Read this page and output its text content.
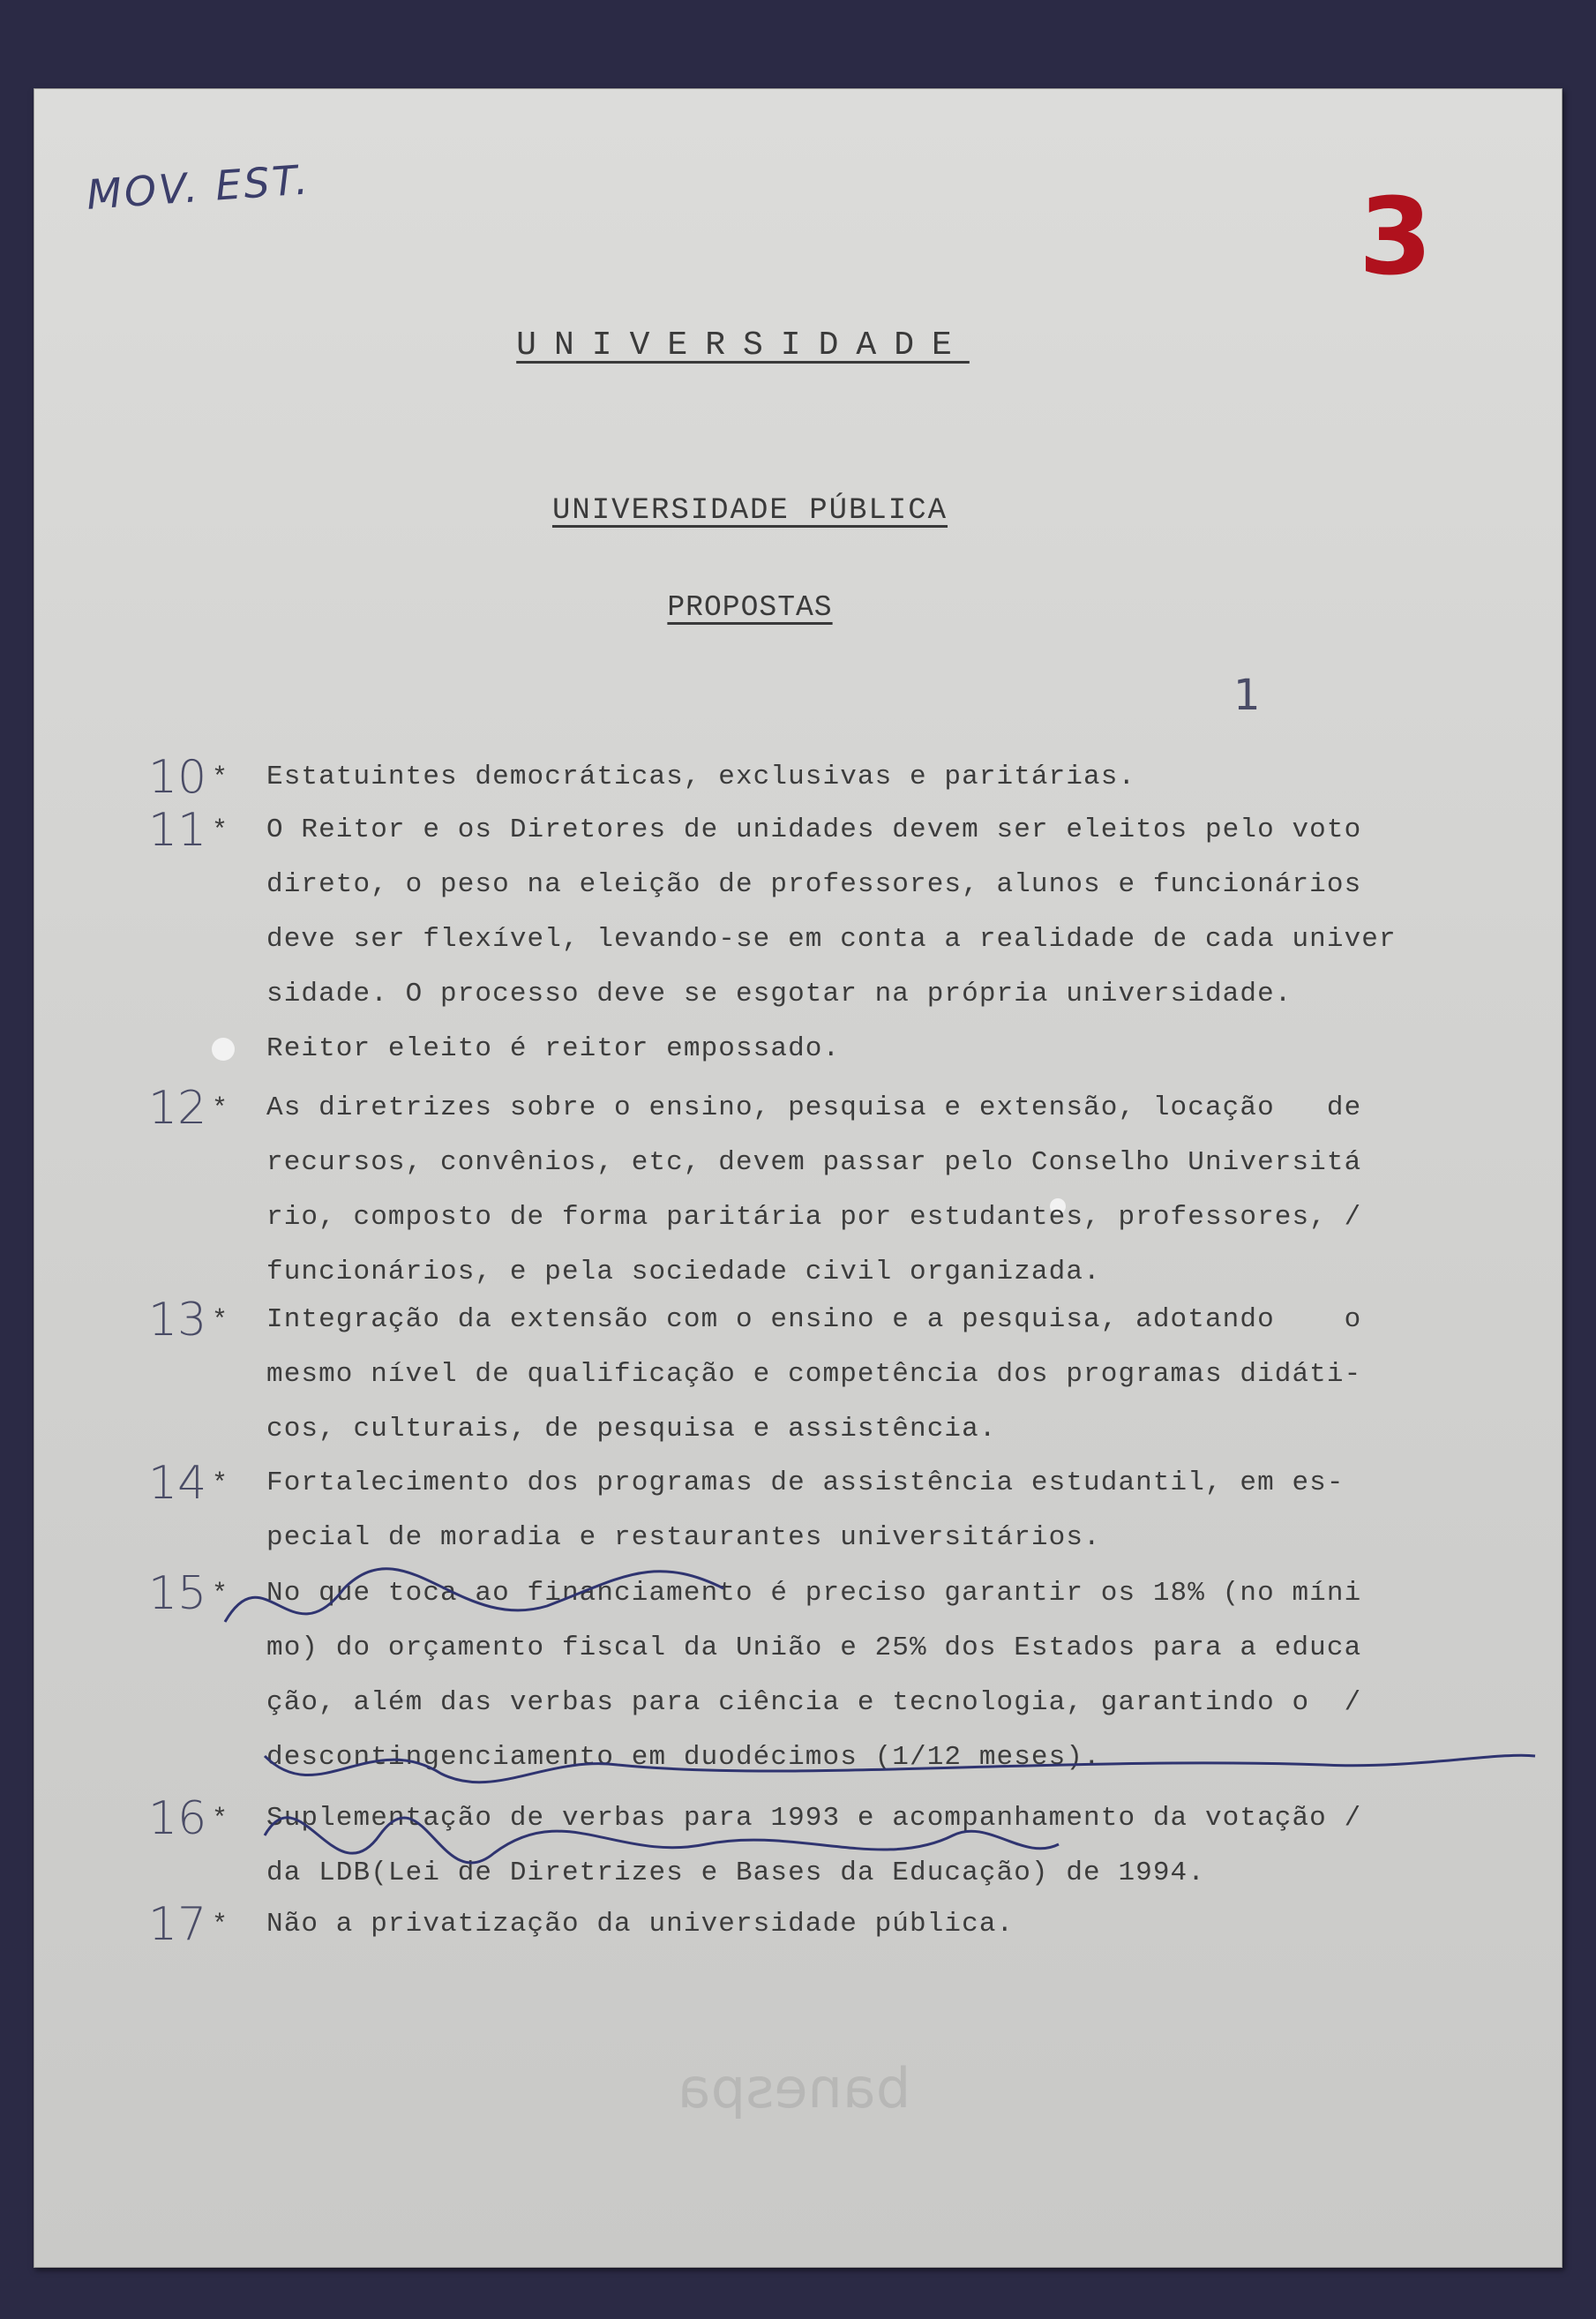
MOV. EST.	3
1
UNIVERSIDADE
UNIVERSIDADE PÚBLICA
PROPOSTAS
10 * Estatuintes democráticas, exclusivas e paritárias.
11 * O Reitor e os Diretores de unidades devem ser eleitos pelo voto
direto, o peso na eleição de professores, alunos e funcionários
deve ser flexível, levando-se em conta a realidade de cada univer
sidade. O processo deve se esgotar na própria universidade.
Reitor eleito é reitor empossado.
12 * As diretrizes sobre o ensino, pesquisa e extensão, locação   de
recursos, convênios, etc, devem passar pelo Conselho Universitá
rio, composto de forma paritária por estudantes, professores, /
funcionários, e pela sociedade civil organizada.
13 * Integração da extensão com o ensino e a pesquisa, adotando    o
mesmo nível de qualificação e competência dos programas didáti-
cos, culturais, de pesquisa e assistência.
14 * Fortalecimento dos programas de assistência estudantil, em es-
pecial de moradia e restaurantes universitários.
15 * No que toca ao financiamento é preciso garantir os 18% (no míni
mo) do orçamento fiscal da União e 25% dos Estados para a educa
ção, além das verbas para ciência e tecnologia, garantindo o  /
descontingenciamento em duodécimos (1/12 meses).
16 * Suplementação de verbas para 1993 e acompanhamento da votação /
da LDB(Lei de Diretrizes e Bases da Educação) de 1994.
17 * Não a privatização da universidade pública.
banespa
